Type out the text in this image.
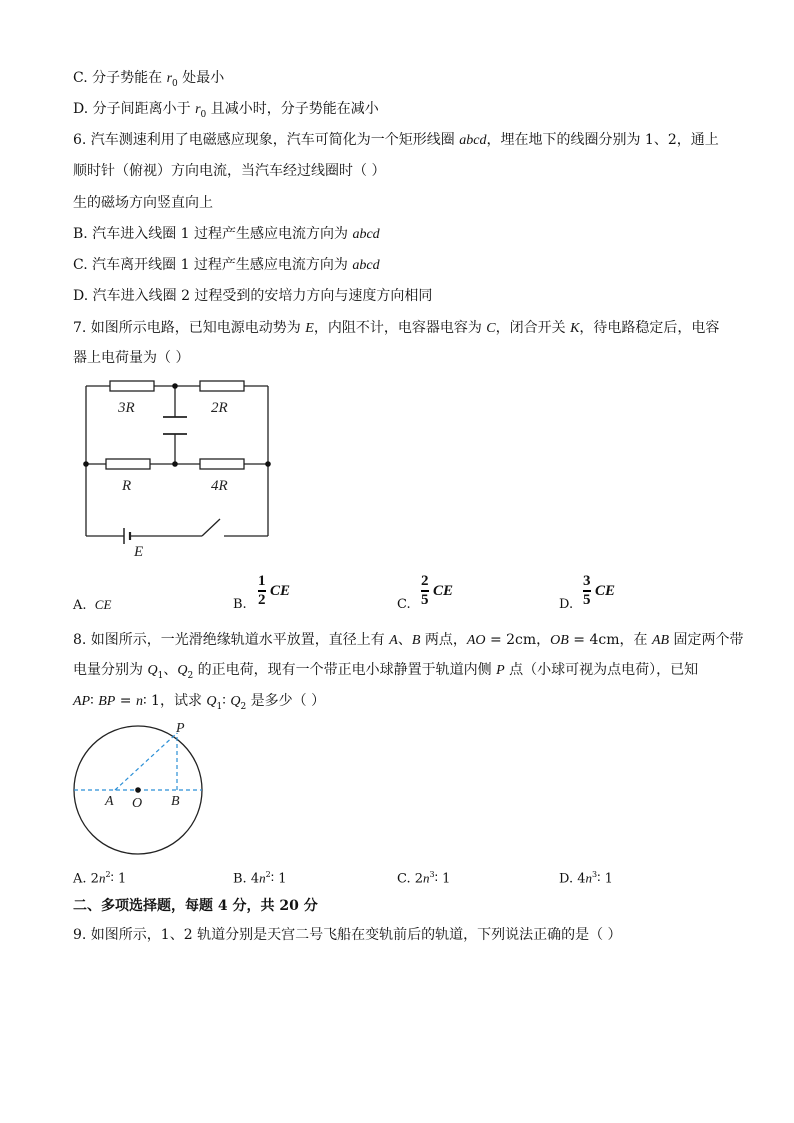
C. 分子势能在 $r_0$ 处最小
D. 分子间距离小于 $r_0$ 且减小时，分子势能在减小
6. 汽车测速利用了电磁感应现象，汽车可简化为一个矩形线圈 abcd，埋在地下的线圈分别为 1、2，通上
顺时针（俯视）方向电流，当汽车经过线圈时（ ）
生的磁场方向竖直向上
B. 汽车进入线圈 1 过程产生感应电流方向为 abcd
C. 汽车离开线圈 1 过程产生感应电流方向为 abcd
D. 汽车进入线圈 2 过程受到的安培力方向与速度方向相同
7. 如图所示电路，已知电源电动势为 E，内阻不计，电容器电容为 C，闭合开关 K，待电路稳定后，电容
器上电荷量为（ ）
3R	2R
R	4R
E
A. CE	B.	C.	D.
1
2
CE
2
5
CE
3
5
CE
8. 如图所示，一光滑绝缘轨道水平放置，直径上有 A、B 两点，AO = 2cm，OB = 4cm，在 AB 固定两个带
电量分别为 $Q_1$、$Q_2$ 的正电荷，现有一个带正电小球静置于轨道内侧 P 点（小球可视为点电荷），已知
AP∶ BP = n∶ 1，试求 $Q_1∶$ $Q_2$ 是多少（ ）
P
A O B
A. $2n^2∶$ 1	B. $4n^2∶$ 1	C. $2n^3∶$ 1	D. $4n^3∶$ 1
二、多项选择题，每题 4 分，共 20 分
9. 如图所示，1、2 轨道分别是天宫二号飞船在变轨前后的轨道，下列说法正确的是（ ）
